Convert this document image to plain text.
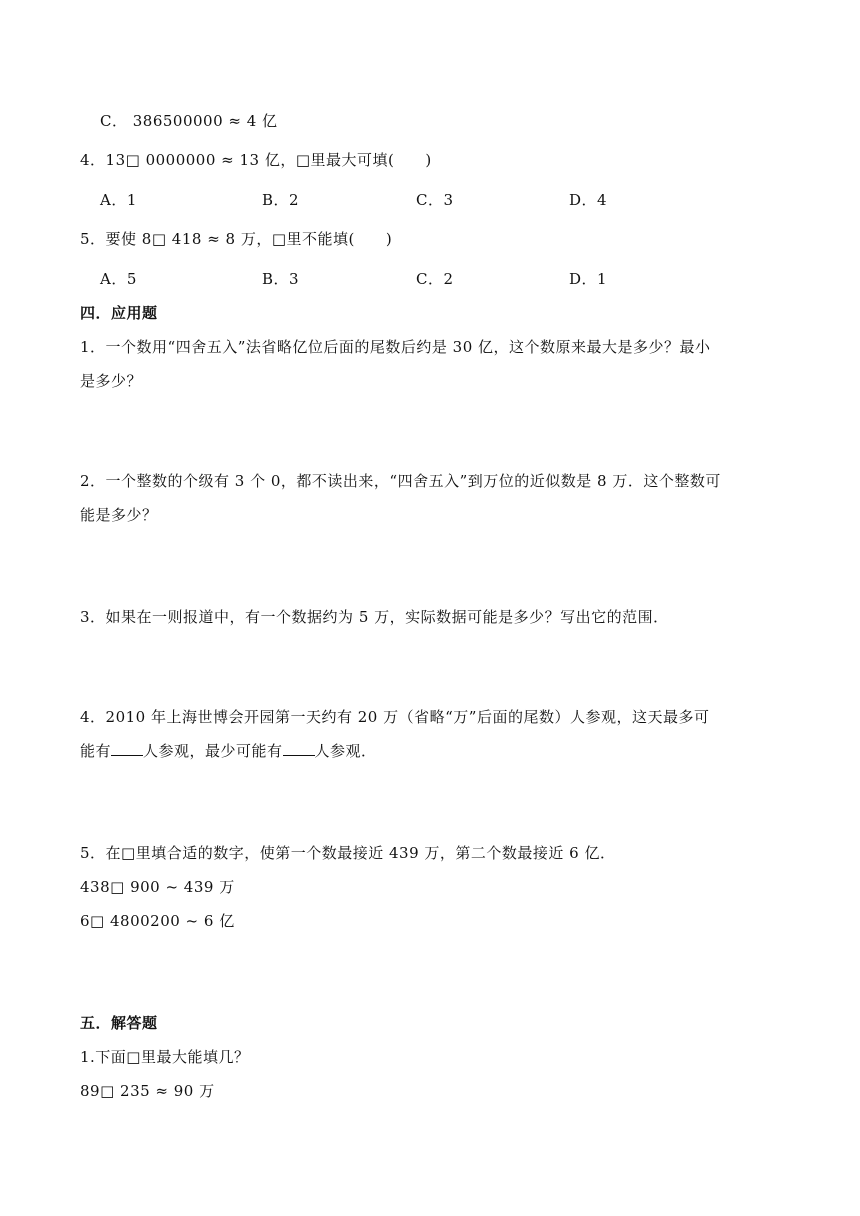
C． 386500000 ≈ 4 亿
4．13□ 0000000 ≈ 13 亿，□里最大可填(　　)
A．1	B．2	C．3	D．4
5．要使 8□ 418 ≈ 8 万，□里不能填(　　)
A．5	B．3	C．2	D．1
四．应用题
1．一个数用“四舍五入”法省略亿位后面的尾数后约是 30 亿，这个数原来最大是多少？最小
是多少？
2．一个整数的个级有 3 个 0，都不读出来，“四舍五入”到万位的近似数是 8 万．这个整数可
能是多少？
3．如果在一则报道中，有一个数据约为 5 万，实际数据可能是多少？写出它的范围．
4．2010 年上海世博会开园第一天约有 20 万（省略“万”后面的尾数）人参观，这天最多可
能有 人参观，最少可能有 人参观．
5．在□里填合适的数字，使第一个数最接近 439 万，第二个数最接近 6 亿．
438□ 900 ~ 439 万
6□ 4800200 ~ 6 亿
五．解答题
1.下面□里最大能填几？
89□ 235 ≈ 90 万
